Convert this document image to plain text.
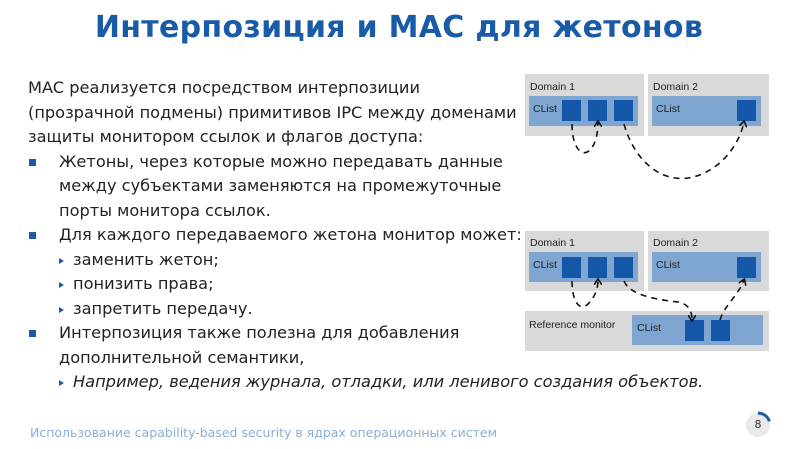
Интерпозиция и MAC для жетонов
MAC реализуется посредством интерпозиции (прозрачной подмены) примитивов IPC между доменами защиты монитором ссылок и флагов доступа:
Жетоны, через которые можно передавать данные между субъектами заменяются на промежуточные порты монитора ссылок.
Для каждого передаваемого жетона монитор может:
заменить жетон;
понизить права;
запретить передачу.
Интерпозиция также полезна для добавления дополнительной семантики,
Например, ведения журнала, отладки, или ленивого создания объектов.
Domain 1	Domain 2
CList	CList
Domain 1	Domain 2
CList	CList
Reference monitor CList
Использование capability-based security в ядрах операционных систем
8
